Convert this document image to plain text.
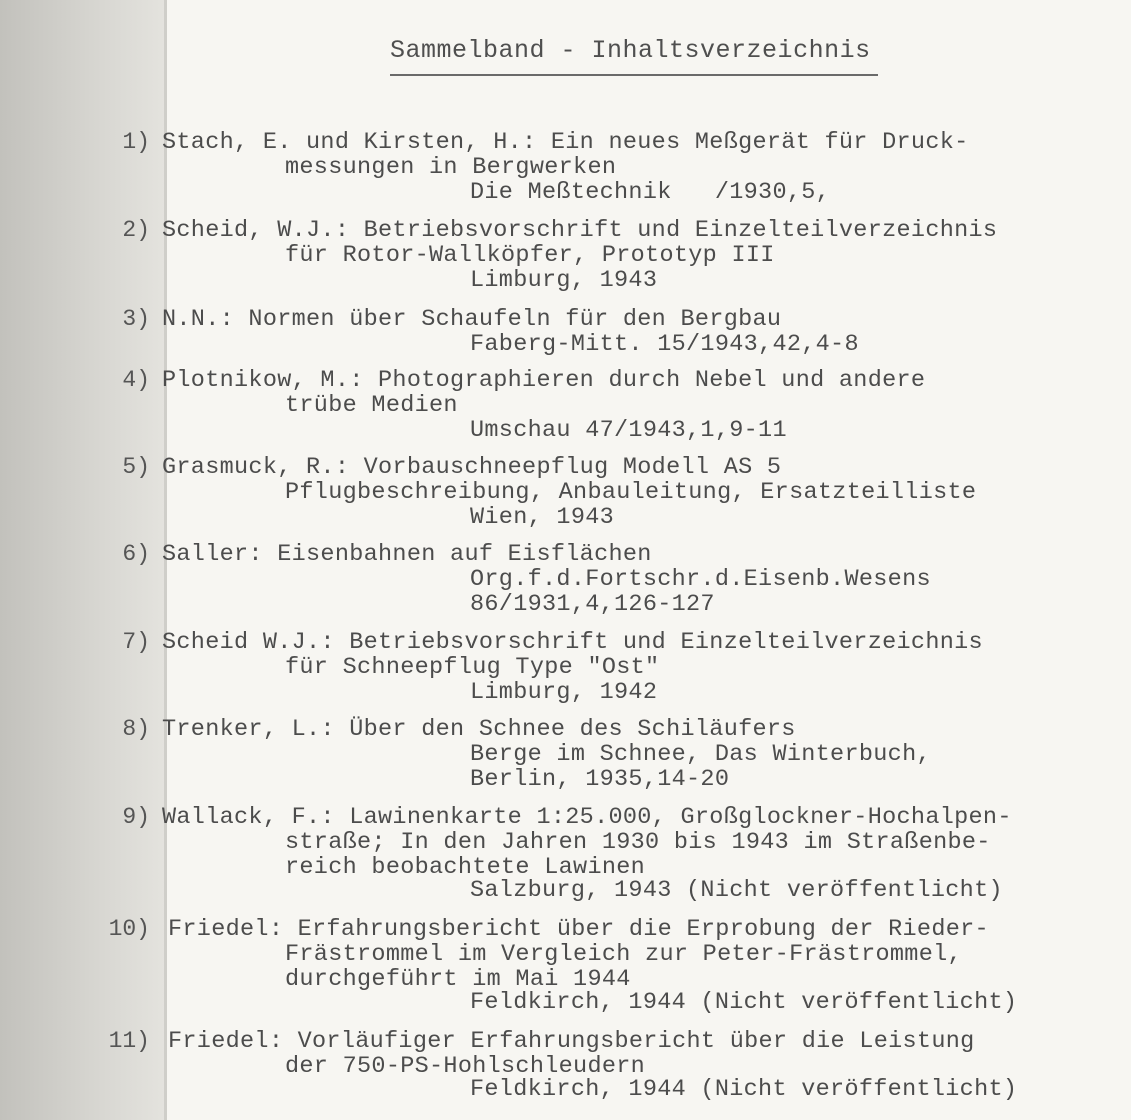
Sammelband - Inhaltsverzeichnis
1) Stach, E. und Kirsten, H.: Ein neues Meßgerät für Druck-
messungen in Bergwerken
Die Meßtechnik   /1930,5,
2) Scheid, W.J.: Betriebsvorschrift und Einzelteilverzeichnis
für Rotor-Wallköpfer, Prototyp III
Limburg, 1943
3) N.N.: Normen über Schaufeln für den Bergbau
Faberg-Mitt. 15/1943,42,4-8
4) Plotnikow, M.: Photographieren durch Nebel und andere
trübe Medien
Umschau 47/1943,1,9-11
5) Grasmuck, R.: Vorbauschneepflug Modell AS 5
Pflugbeschreibung, Anbauleitung, Ersatzteilliste
Wien, 1943
6) Saller: Eisenbahnen auf Eisflächen
Org.f.d.Fortschr.d.Eisenb.Wesens
86/1931,4,126-127
7) Scheid W.J.: Betriebsvorschrift und Einzelteilverzeichnis
für Schneepflug Type "Ost"
Limburg, 1942
8) Trenker, L.: Über den Schnee des Schiläufers
Berge im Schnee, Das Winterbuch,
Berlin, 1935,14-20
9) Wallack, F.: Lawinenkarte 1:25.000, Großglockner-Hochalpen-
straße; In den Jahren 1930 bis 1943 im Straßenbe-
reich beobachtete Lawinen
Salzburg, 1943 (Nicht veröffentlicht)
10) Friedel: Erfahrungsbericht über die Erprobung der Rieder-
Frästrommel im Vergleich zur Peter-Frästrommel,
durchgeführt im Mai 1944
Feldkirch, 1944 (Nicht veröffentlicht)
11) Friedel: Vorläufiger Erfahrungsbericht über die Leistung
der 750-PS-Hohlschleudern
Feldkirch, 1944 (Nicht veröffentlicht)
